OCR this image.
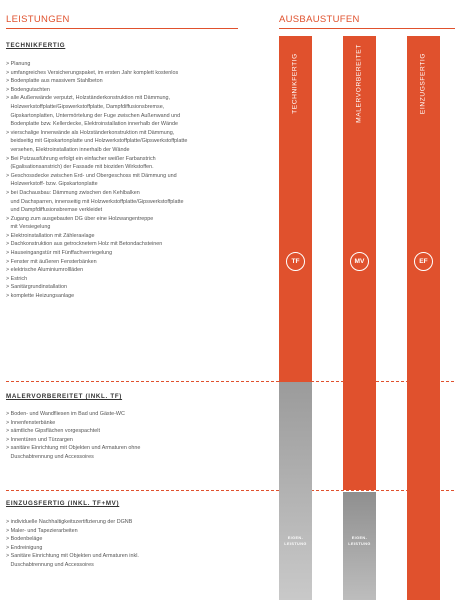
LEISTUNGEN	AUSBAUSTUFEN
TECHNIKFERTIG
MALERVORBEREITET (INKL. TF)
EINZUGSFERTIG (INKL. TF+MV)
> Planung
> umfangreiches Versicherungspaket, im ersten Jahr komplett kostenlos
> Bodenplatte aus massivem Stahlbeton
> Bodengutachten
> alle Außenwände verputzt, Holzständerkonstruktion mit Dämmung,
Holzwerkstoffplatte/Gipswerkstoffplatte, Dampfdiffusionsbremse,
Gipskartonplatten, Untermörtelung der Fuge zwischen Außenwand und
Bodenplatte bzw. Kellerdecke, Elektroinstallation innerhalb der Wände
> vierschalige Innenwände als Holzständerkonstruktion mit Dämmung,
beidseitig mit Gipskartonplatte und Holzwerkstoffplatte/Gipswerkstoffplatte
versehen, Elektroinstallation innerhalb der Wände
> Bei Putzausführung erfolgt ein einfacher weißer Farbanstrich
(Egalisationsanstrich) der Fassade mit bioziden Wirkstoffen.
> Geschossdecke zwischen Erd- und Obergeschoss mit Dämmung und
Holzwerkstoff- bzw. Gipskartonplatte
> bei Dachausbau: Dämmung zwischen den Kehlbalken
und Dachsparren, innenseitig mit Holzwerkstoffplatte/Gipswerkstoffplatte
und Dampfdiffusionsbremse verkleidet
> Zugang zum ausgebauten DG über eine Holzwangentreppe
mit Versiegelung
> Elektroinstallation mit Zählerанlage
> Dachkonstruktion aus getrocknetem Holz mit Betondachsteinen
> Hauseingangstür mit Fünffachverriegelung
> Fenster mit äußeren Fensterbänken
> elektrische Aluminiumrollläden
> Estrich
> Sanitärgrundinstallation
> komplette Heizungsanlage
> Boden- und Wandfliesen im Bad und Gäste-WC
> Innenfensterbänke
> sämtliche Gipsflächen vorgespachtelt
> Innentüren und Türzargen
> sanitäre Einrichtung mit Objekten und Armaturen ohne
Duschabtrennung und Accessoires
> individuelle Nachhaltigkeitszertifizierung der DGNB
> Maler- und Tapezierarbeiten
> Bodenbeläge
> Endreinigung
> Sanitäre Einrichtung mit Objekten und Armaturen inkl.
Duschabtrennung und Accessoires
TECHNIKFERTIG
TF
MALERVORBEREITET
MV
EIGEN-
LEISTUNG
EINZUGSFERTIG
EF
EIGEN-
LEISTUNG
